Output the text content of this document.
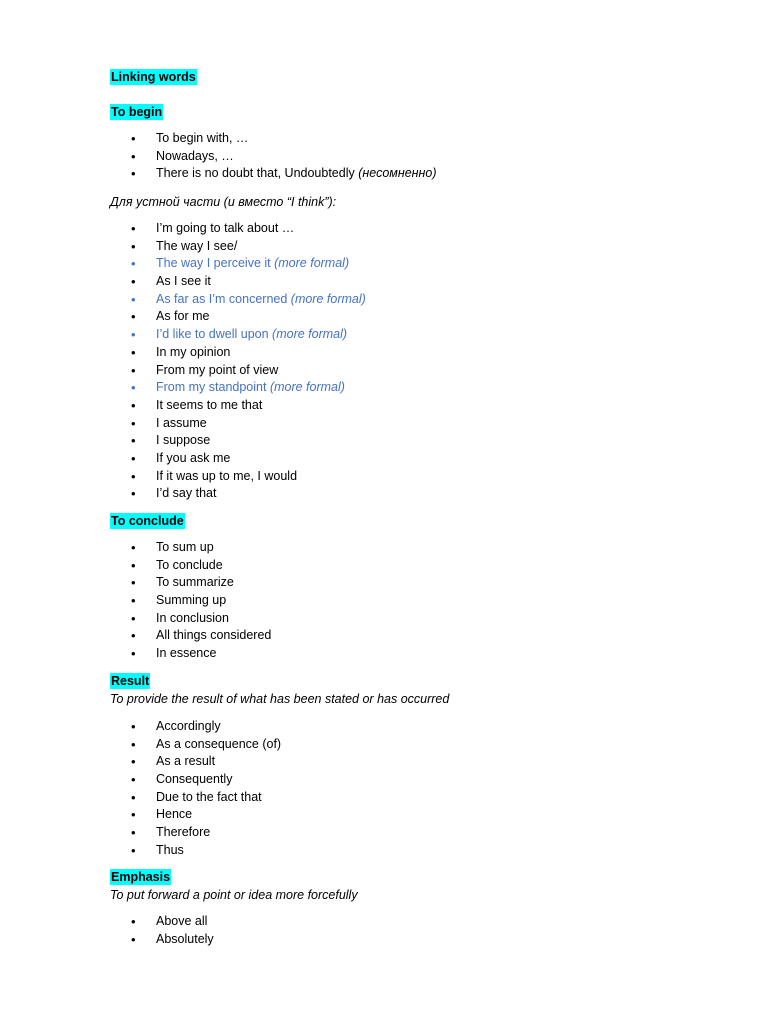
Linking words
To begin
• To begin with, …
• Nowadays, …
• There is no doubt that, Undoubtedly (несомненно)
Для устной части (и вместо “I think”):
• I’m going to talk about …
• The way I see/
• The way I perceive it (more formal)
• As I see it
• As far as I’m concerned (more formal)
• As for me
• I’d like to dwell upon (more formal)
• In my opinion
• From my point of view
• From my standpoint (more formal)
• It seems to me that
• I assume
• I suppose
• If you ask me
• If it was up to me, I would
• I’d say that
To conclude
• To sum up
• To conclude
• To summarize
• Summing up
• In conclusion
• All things considered
• In essence
Result
To provide the result of what has been stated or has occurred
• Accordingly
• As a consequence (of)
• As a result
• Consequently
• Due to the fact that
• Hence
• Therefore
• Thus
Emphasis
To put forward a point or idea more forcefully
• Above all
• Absolutely
